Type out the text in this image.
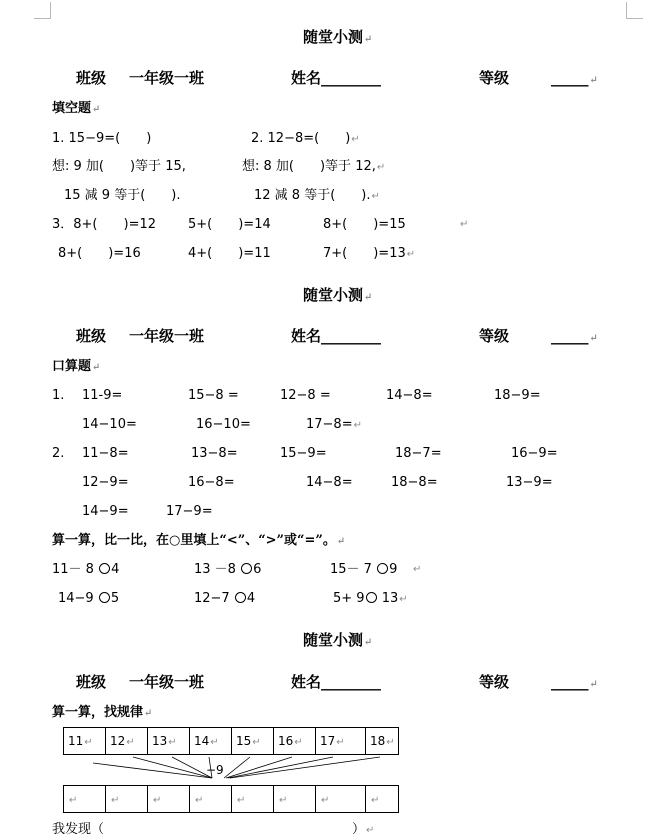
随堂小测↵
班级 一年级一班	姓名________	等级	_____↵
填空题↵
1. 15−9=(　　)	2. 12−8=(　　)↵
想: 9 加(　　)等于 15,	想: 8 加(　　)等于 12,↵
15 减 9 等于(　　).	12 减 8 等于(　　).↵
3．8+(　　)=12 5+(　　)=14	8+(　　)=15	↵
8+(　　)=16	4+(　　)=11	7+(　　)=13↵
随堂小测↵
班级 一年级一班	姓名________	等级	_____↵
口算题↵
1. 11-9=	15−8 =	12−8 =	14−8=	18−9=
14−10=	16−10=	17−8=↵
2. 11−8=	13−8=	15−9=	18−7=	16−9=
12−9=	16−8=	14−8=	18−8=	13−9=
14−9=	17−9=
算一算，比一比，在○里填上“<”、“>”或“=”。↵
11－ 8 4	13 －8 6	15－ 7 9 ↵
14−9 5	12−7 4	5+ 9 13↵
随堂小测↵
班级 一年级一班	姓名________	等级	_____↵
算一算，找规律↵
11↵	12↵	13↵	14↵	15↵	16↵	17↵	18↵
−9
↵	↵	↵	↵	↵	↵	↵	↵
我发现（	）↵
